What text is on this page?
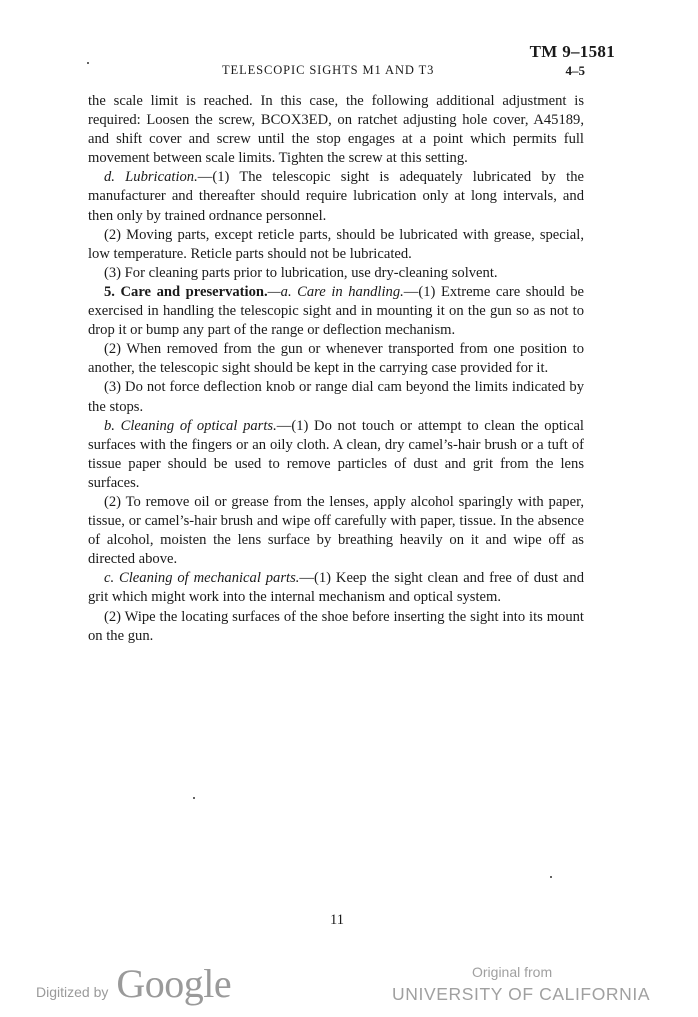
TM 9–1581
TELESCOPIC SIGHTS M1 AND T3	4–5

the scale limit is reached. In this case, the following additional adjustment is required: Loosen the screw, BCOX3ED, on ratchet adjusting hole cover, A45189, and shift cover and screw until the stop engages at a point which permits full movement between scale limits. Tighten the screw at this setting.

d. Lubrication.—(1) The telescopic sight is adequately lubricated by the manufacturer and thereafter should require lubrication only at long intervals, and then only by trained ordnance personnel.

(2) Moving parts, except reticle parts, should be lubricated with grease, special, low temperature. Reticle parts should not be lubricated.

(3) For cleaning parts prior to lubrication, use dry-cleaning solvent.

5. Care and preservation.—a. Care in handling.—(1) Extreme care should be exercised in handling the telescopic sight and in mounting it on the gun so as not to drop it or bump any part of the range or deflection mechanism.

(2) When removed from the gun or whenever transported from one position to another, the telescopic sight should be kept in the carrying case provided for it.

(3) Do not force deflection knob or range dial cam beyond the limits indicated by the stops.

b. Cleaning of optical parts.—(1) Do not touch or attempt to clean the optical surfaces with the fingers or an oily cloth. A clean, dry camel’s-hair brush or a tuft of tissue paper should be used to remove particles of dust and grit from the lens surfaces.

(2) To remove oil or grease from the lenses, apply alcohol sparingly with paper, tissue, or camel’s-hair brush and wipe off carefully with paper, tissue. In the absence of alcohol, moisten the lens surface by breathing heavily on it and wipe off as directed above.

c. Cleaning of mechanical parts.—(1) Keep the sight clean and free of dust and grit which might work into the internal mechanism and optical system.

(2) Wipe the locating surfaces of the shoe before inserting the sight into its mount on the gun.

11
Digitized by Google	Original from
UNIVERSITY OF CALIFORNIA
